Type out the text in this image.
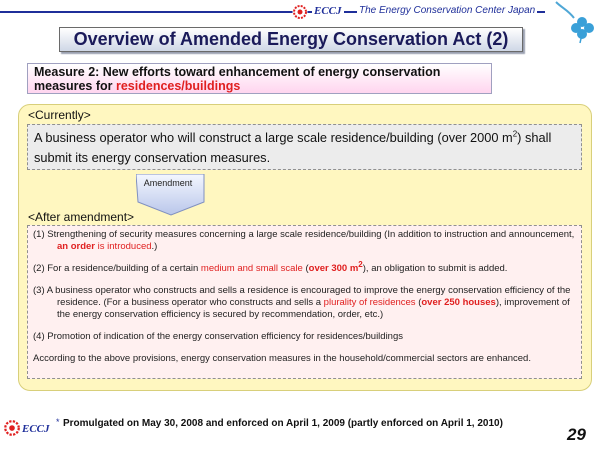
ECCJ The Energy Conservation Center Japan
Overview of Amended Energy Conservation Act (2)
Measure 2: New efforts toward enhancement of energy conservation measures for residences/buildings
<Currently>
A business operator who will construct a large scale residence/building (over 2000 $m^2$) shall submit its energy conservation measures.
Amendment
<After amendment>

(1) Strengthening of security measures concerning a large scale residence/building (In addition to instruction and announcement, an order is introduced.)

(2) For a residence/building of a certain medium and small scale (over 300 $m^2$), an obligation to submit is added.

(3) A business operator who constructs and sells a residence is encouraged to improve the energy conservation efficiency of the residence. (For a business operator who constructs and sells a plurality of residences (over 250 houses), improvement of the energy conservation efficiency is secured by recommendation, order, etc.)

(4) Promotion of indication of the energy conservation efficiency for residences/buildings

According to the above provisions, energy conservation measures in the household/commercial sectors are enhanced.

ECCJ
* Promulgated on May 30, 2008 and enforced on April 1, 2009 (partly enforced on April 1, 2010)
29
